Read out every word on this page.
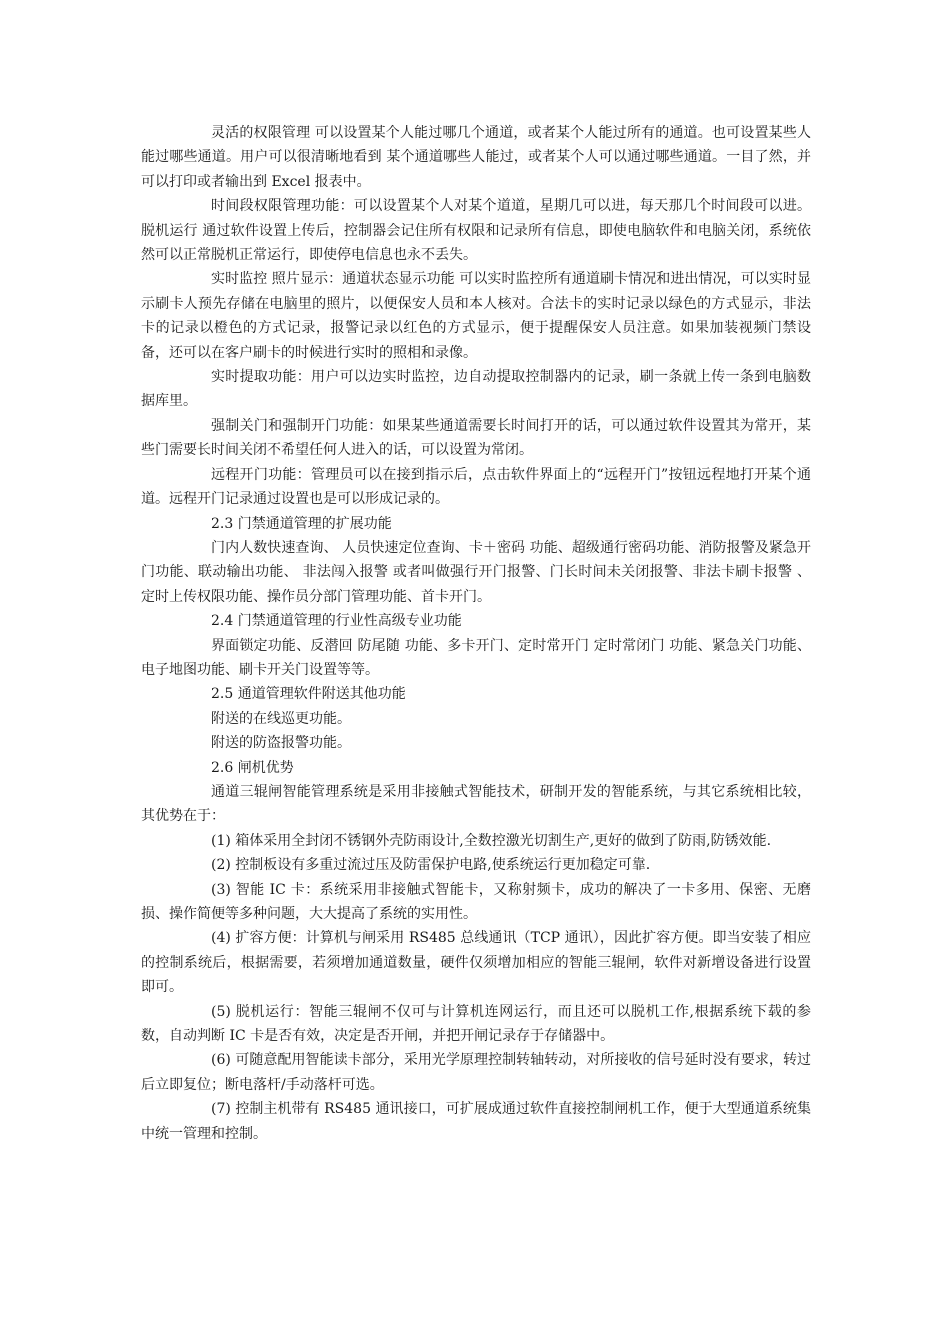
灵活的权限管理 可以设置某个人能过哪几个通道，或者某个人能过所有的通道。也可设置某些人能过哪些通道。用户可以很清晰地看到 某个通道哪些人能过，或者某个人可以通过哪些通道。一目了然，并可以打印或者输出到 Excel 报表中。

时间段权限管理功能：可以设置某个人对某个道道，星期几可以进，每天那几个时间段可以进。脱机运行 通过软件设置上传后，控制器会记住所有权限和记录所有信息，即使电脑软件和电脑关闭，系统依然可以正常脱机正常运行，即使停电信息也永不丢失。

实时监控 照片显示：通道状态显示功能 可以实时监控所有通道刷卡情况和进出情况，可以实时显示刷卡人预先存储在电脑里的照片，以便保安人员和本人核对。合法卡的实时记录以绿色的方式显示，非法卡的记录以橙色的方式记录，报警记录以红色的方式显示，便于提醒保安人员注意。如果加装视频门禁设备，还可以在客户刷卡的时候进行实时的照相和录像。

实时提取功能：用户可以边实时监控，边自动提取控制器内的记录，刷一条就上传一条到电脑数据库里。

强制关门和强制开门功能：如果某些通道需要长时间打开的话，可以通过软件设置其为常开，某些门需要长时间关闭不希望任何人进入的话，可以设置为常闭。

远程开门功能：管理员可以在接到指示后，点击软件界面上的“远程开门”按钮远程地打开某个通道。远程开门记录通过设置也是可以形成记录的。

2.3 门禁通道管理的扩展功能

门内人数快速查询、 人员快速定位查询、卡＋密码 功能、超级通行密码功能、消防报警及紧急开门功能、联动输出功能、 非法闯入报警 或者叫做强行开门报警、门长时间未关闭报警、非法卡刷卡报警 、定时上传权限功能、操作员分部门管理功能、首卡开门。

2.4 门禁通道管理的行业性高级专业功能

界面锁定功能、反潜回 防尾随 功能、多卡开门、定时常开门 定时常闭门 功能、紧急关门功能、电子地图功能、刷卡开关门设置等等。

2.5 通道管理软件附送其他功能

附送的在线巡更功能。

附送的防盗报警功能。

2.6 闸机优势

通道三辊闸智能管理系统是采用非接触式智能技术，研制开发的智能系统，与其它系统相比较，其优势在于：

(1) 箱体采用全封闭不锈钢外壳防雨设计,全数控激光切割生产,更好的做到了防雨,防锈效能.

(2) 控制板设有多重过流过压及防雷保护电路,使系统运行更加稳定可靠.

(3) 智能 IC 卡：系统采用非接触式智能卡，又称射频卡，成功的解决了一卡多用、保密、无磨损、操作简便等多种问题，大大提高了系统的实用性。

(4) 扩容方便：计算机与闸采用 RS485 总线通讯（TCP 通讯），因此扩容方便。即当安装了相应的控制系统后，根据需要，若须增加通道数量，硬件仅须增加相应的智能三辊闸，软件对新增设备进行设置即可。

(5) 脱机运行：智能三辊闸不仅可与计算机连网运行，而且还可以脱机工作,根据系统下载的参数，自动判断 IC 卡是否有效，决定是否开闸，并把开闸记录存于存储器中。

(6) 可随意配用智能读卡部分，采用光学原理控制转轴转动，对所接收的信号延时没有要求，转过后立即复位；断电落杆/手动落杆可选。

(7) 控制主机带有 RS485 通讯接口，可扩展成通过软件直接控制闸机工作，便于大型通道系统集中统一管理和控制。
